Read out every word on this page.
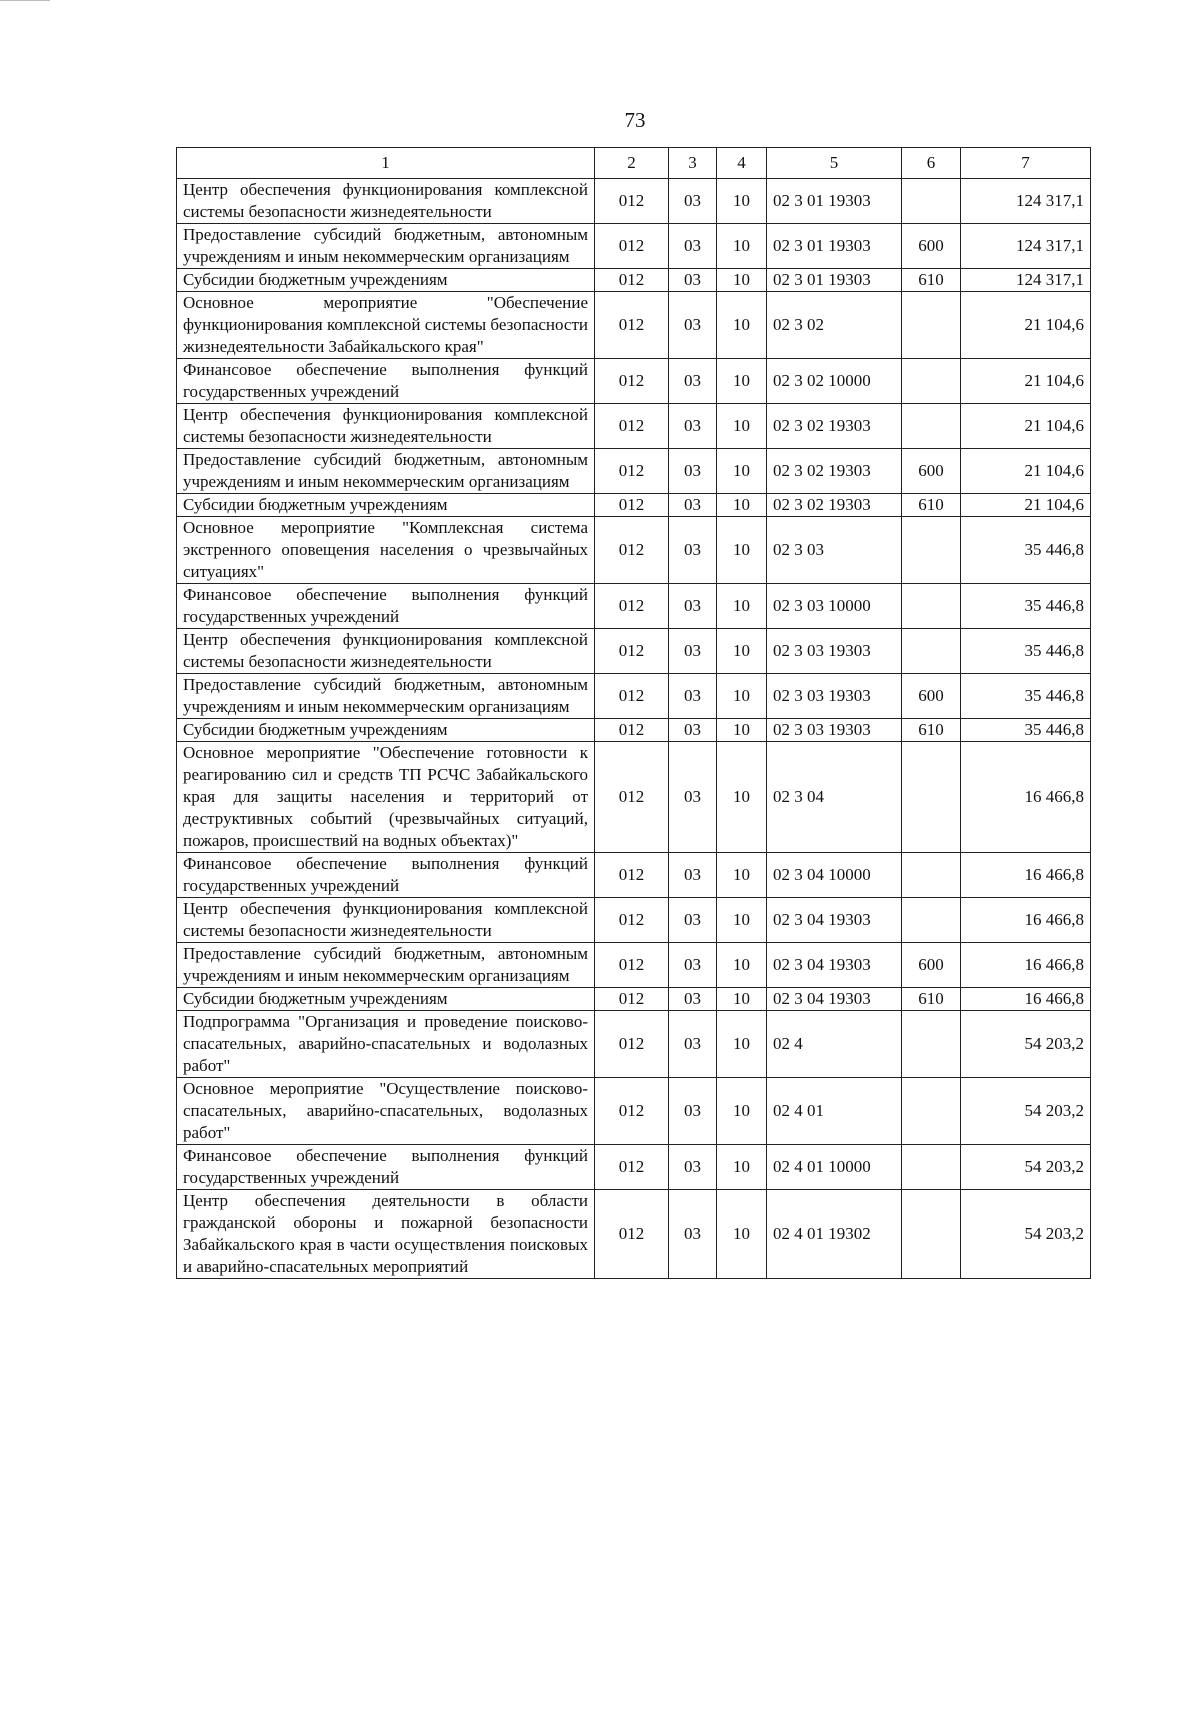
73
1	2	3	4	5	6	7
Центр обеспечения функционирования комплексной системы безопасности жизнедеятельности	012	03	10	02 3 01 19303		124 317,1
Предоставление субсидий бюджетным, автономным учреждениям и иным некоммерческим организациям	012	03	10	02 3 01 19303	600	124 317,1
Субсидии бюджетным учреждениям	012	03	10	02 3 01 19303	610	124 317,1
Основное мероприятие "Обеспечение функционирования комплексной системы безопасности жизнедеятельности Забайкальского края"	012	03	10	02 3 02		21 104,6
Финансовое обеспечение выполнения функций государственных учреждений	012	03	10	02 3 02 10000		21 104,6
Центр обеспечения функционирования комплексной системы безопасности жизнедеятельности	012	03	10	02 3 02 19303		21 104,6
Предоставление субсидий бюджетным, автономным учреждениям и иным некоммерческим организациям	012	03	10	02 3 02 19303	600	21 104,6
Субсидии бюджетным учреждениям	012	03	10	02 3 02 19303	610	21 104,6
Основное мероприятие "Комплексная система экстренного оповещения населения о чрезвычайных ситуациях"	012	03	10	02 3 03		35 446,8
Финансовое обеспечение выполнения функций государственных учреждений	012	03	10	02 3 03 10000		35 446,8
Центр обеспечения функционирования комплексной системы безопасности жизнедеятельности	012	03	10	02 3 03 19303		35 446,8
Предоставление субсидий бюджетным, автономным учреждениям и иным некоммерческим организациям	012	03	10	02 3 03 19303	600	35 446,8
Субсидии бюджетным учреждениям	012	03	10	02 3 03 19303	610	35 446,8
Основное мероприятие "Обеспечение готовности к реагированию сил и средств ТП РСЧС Забайкальского края для защиты населения и территорий от деструктивных событий (чрезвычайных ситуаций, пожаров, происшествий на водных объектах)"	012	03	10	02 3 04		16 466,8
Финансовое обеспечение выполнения функций государственных учреждений	012	03	10	02 3 04 10000		16 466,8
Центр обеспечения функционирования комплексной системы безопасности жизнедеятельности	012	03	10	02 3 04 19303		16 466,8
Предоставление субсидий бюджетным, автономным учреждениям и иным некоммерческим организациям	012	03	10	02 3 04 19303	600	16 466,8
Субсидии бюджетным учреждениям	012	03	10	02 3 04 19303	610	16 466,8
Подпрограмма "Организация и проведение поисково-спасательных, аварийно-спасательных и водолазных работ"	012	03	10	02 4		54 203,2
Основное мероприятие "Осуществление поисково-спасательных, аварийно-спасательных, водолазных работ"	012	03	10	02 4 01		54 203,2
Финансовое обеспечение выполнения функций государственных учреждений	012	03	10	02 4 01 10000		54 203,2
Центр обеспечения деятельности в области гражданской обороны и пожарной безопасности Забайкальского края в части осуществления поисковых и аварийно-спасательных мероприятий	012	03	10	02 4 01 19302		54 203,2
